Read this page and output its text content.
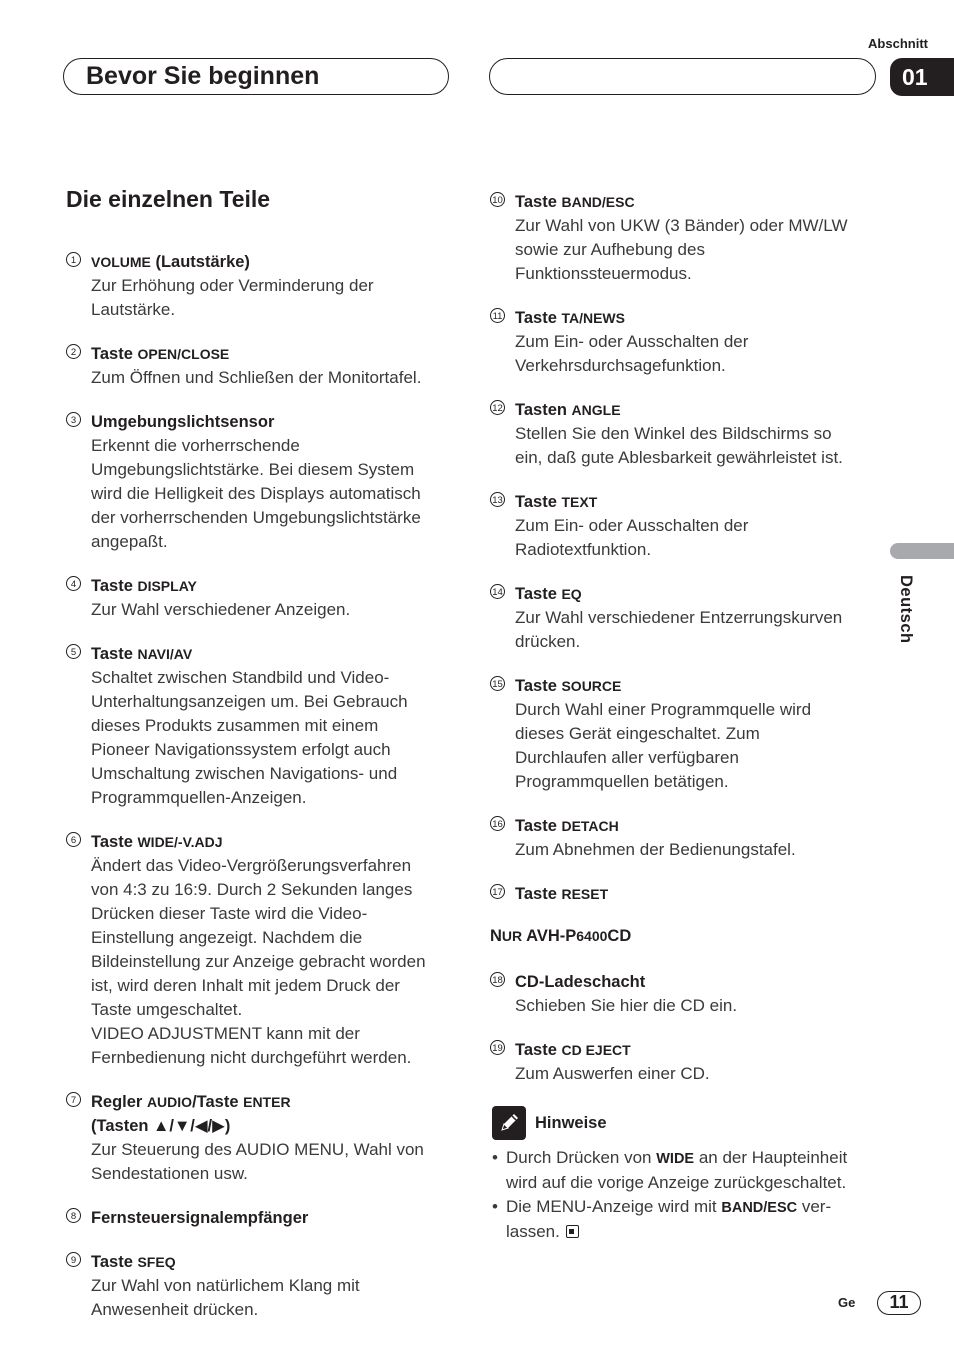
Abschnitt
Bevor Sie beginnen	01
Die einzelnen Teile
1	VOLUME (Lautstärke)
Zur Erhöhung oder Verminderung der
Lautstärke.
2 Taste OPEN/CLOSE
Zum Öffnen und Schließen der Monitortafel.
3 Umgebungslichtsensor
Erkennt die vorherrschende
Umgebungslichtstärke. Bei diesem System
wird die Helligkeit des Displays automatisch
der vorherrschenden Umgebungslichtstärke
angepaßt.
4 Taste DISPLAY
Zur Wahl verschiedener Anzeigen.
5 Taste NAVI/AV
Schaltet zwischen Standbild und Video-
Unterhaltungsanzeigen um. Bei Gebrauch
dieses Produkts zusammen mit einem
Pioneer Navigationssystem erfolgt auch
Umschaltung zwischen Navigations- und
Programmquellen-Anzeigen.
6 Taste WIDE/-V.ADJ
Ändert das Video-Vergrößerungsverfahren
von 4:3 zu 16:9. Durch 2 Sekunden langes
Drücken dieser Taste wird die Video-
Einstellung angezeigt. Nachdem die
Bildeinstellung zur Anzeige gebracht worden
ist, wird deren Inhalt mit jedem Druck der
Taste umgeschaltet.
VIDEO ADJUSTMENT kann mit der
Fernbedienung nicht durchgeführt werden.
7 Regler AUDIO/Taste ENTER
(Tasten ▲/▼/◀/▶)
Zur Steuerung des AUDIO MENU, Wahl von
Sendestationen usw.
8 Fernsteuersignalempfänger
9 Taste SFEQ
Zur Wahl von natürlichem Klang mit
Anwesenheit drücken.
10 Taste BAND/ESC
Zur Wahl von UKW (3 Bänder) oder MW/LW
sowie zur Aufhebung des
Funktionssteuermodus.
11 Taste TA/NEWS
Zum Ein- oder Ausschalten der
Verkehrsdurchsagefunktion.
12 Tasten ANGLE
Stellen Sie den Winkel des Bildschirms so
ein, daß gute Ablesbarkeit gewährleistet ist.
13 Taste TEXT
Zum Ein- oder Ausschalten der
Radiotextfunktion.
14 Taste EQ
Zur Wahl verschiedener Entzerrungskurven
drücken.
15 Taste SOURCE
Durch Wahl einer Programmquelle wird
dieses Gerät eingeschaltet. Zum
Durchlaufen aller verfügbaren
Programmquellen betätigen.
16 Taste DETACH
Zum Abnehmen der Bedienungstafel.
17 Taste RESET
NUR AVH-P6400CD
18 CD-Ladeschacht
Schieben Sie hier die CD ein.
19 Taste CD EJECT
Zum Auswerfen einer CD.
Hinweise
• Durch Drücken von WIDE an der Haupteinheit
wird auf die vorige Anzeige zurückgeschaltet.
• Die MENU-Anzeige wird mit BAND/ESC ver-
lassen.
Deutsch
Ge	11
